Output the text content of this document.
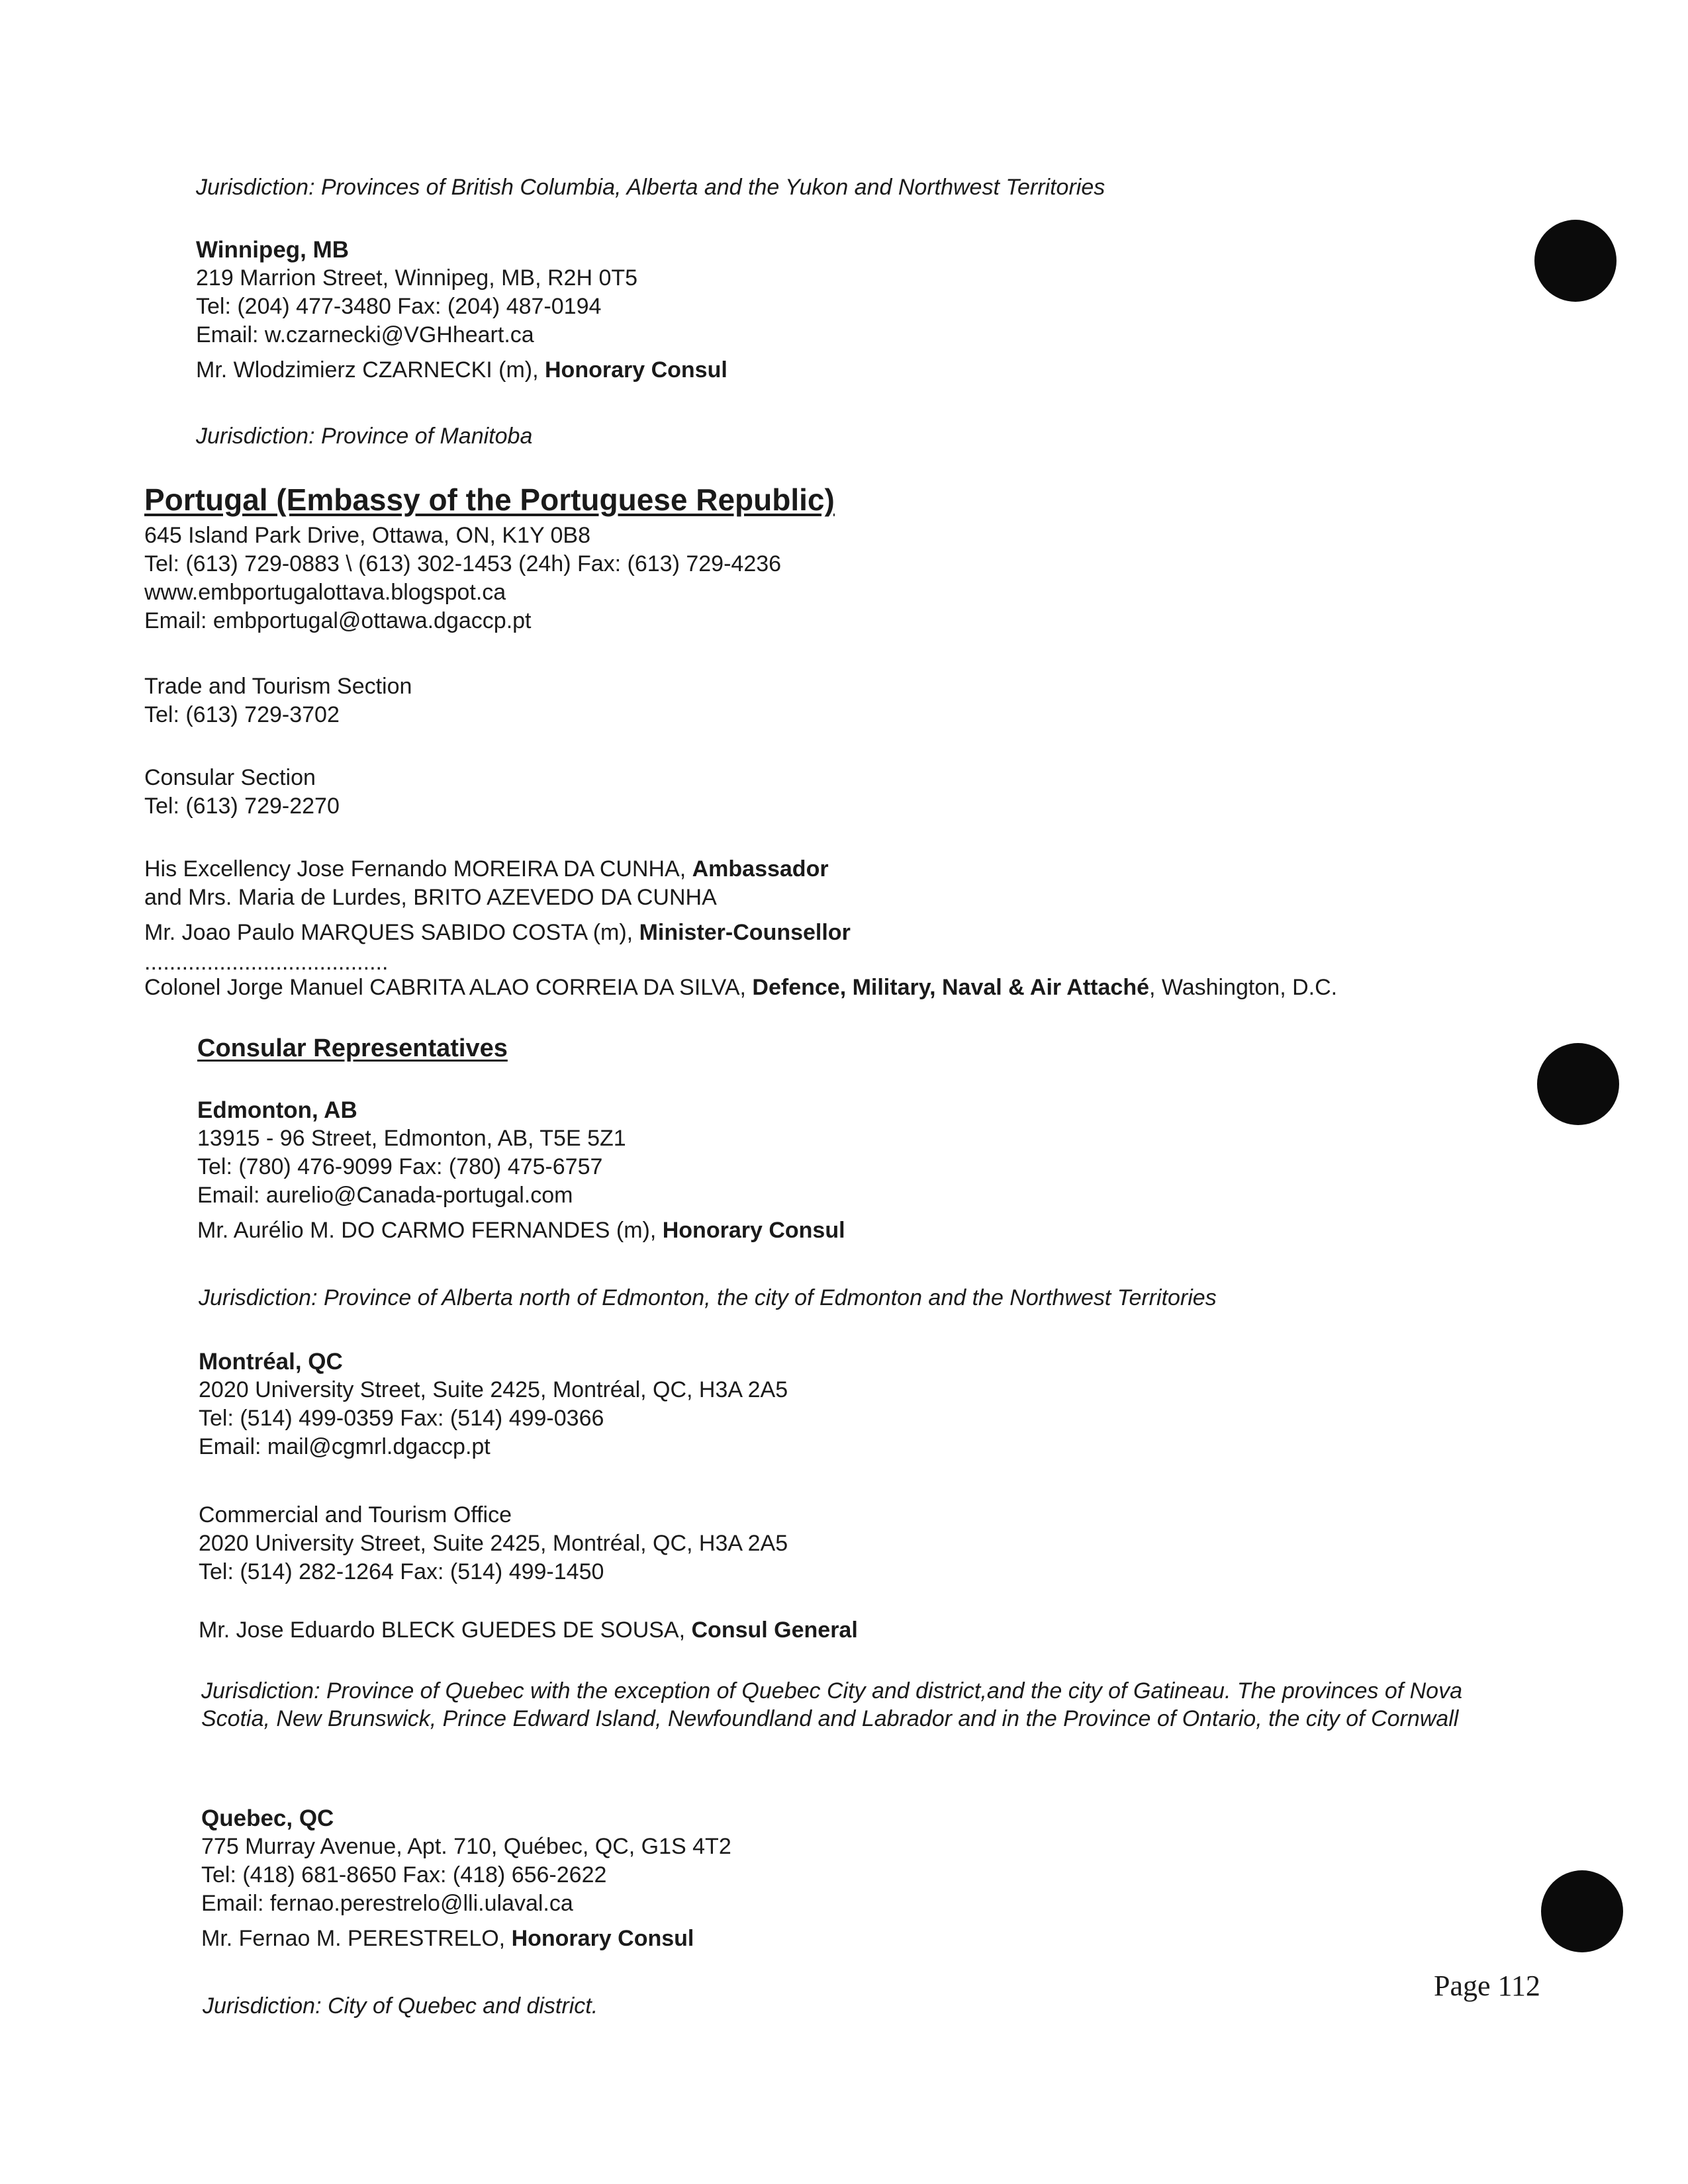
Jurisdiction: Provinces of British Columbia, Alberta and the Yukon and Northwest Territories
Winnipeg, MB
219 Marrion Street, Winnipeg, MB, R2H 0T5
Tel: (204) 477-3480 Fax: (204) 487-0194
Email: w.czarnecki@VGHheart.ca
Mr. Wlodzimierz CZARNECKI (m), Honorary Consul
Jurisdiction: Province of Manitoba
Portugal (Embassy of the Portuguese Republic)
645 Island Park Drive, Ottawa, ON, K1Y 0B8
Tel: (613) 729-0883 \ (613) 302-1453 (24h) Fax: (613) 729-4236
www.embportugalottava.blogspot.ca
Email: embportugal@ottawa.dgaccp.pt
Trade and Tourism Section
Tel: (613) 729-3702
Consular Section
Tel: (613) 729-2270
His Excellency Jose Fernando MOREIRA DA CUNHA, Ambassador
and Mrs. Maria de Lurdes, BRITO AZEVEDO DA CUNHA
Mr. Joao Paulo MARQUES SABIDO COSTA (m), Minister-Counsellor
.......................................
Colonel Jorge Manuel CABRITA ALAO CORREIA DA SILVA, Defence, Military, Naval & Air Attaché, Washington, D.C.
Consular Representatives
Edmonton, AB
13915 - 96 Street, Edmonton, AB, T5E 5Z1
Tel: (780) 476-9099 Fax: (780) 475-6757
Email: aurelio@Canada-portugal.com
Mr. Aurélio M. DO CARMO FERNANDES (m), Honorary Consul
Jurisdiction: Province of Alberta north of Edmonton, the city of Edmonton and the Northwest Territories
Montréal, QC
2020 University Street, Suite 2425, Montréal, QC, H3A 2A5
Tel: (514) 499-0359 Fax: (514) 499-0366
Email: mail@cgmrl.dgaccp.pt
Commercial and Tourism Office
2020 University Street, Suite 2425, Montréal, QC, H3A 2A5
Tel: (514) 282-1264 Fax: (514) 499-1450
Mr. Jose Eduardo BLECK GUEDES DE SOUSA, Consul General
Jurisdiction: Province of Quebec with the exception of Quebec City and district,and the city of Gatineau. The provinces of Nova Scotia, New Brunswick, Prince Edward Island, Newfoundland and Labrador and in the Province of Ontario, the city of Cornwall
Quebec, QC
775 Murray Avenue, Apt. 710, Québec, QC, G1S 4T2
Tel: (418) 681-8650 Fax: (418) 656-2622
Email: fernao.perestrelo@lli.ulaval.ca
Mr. Fernao M. PERESTRELO, Honorary Consul
Jurisdiction: City of Quebec and district.
Page 112
